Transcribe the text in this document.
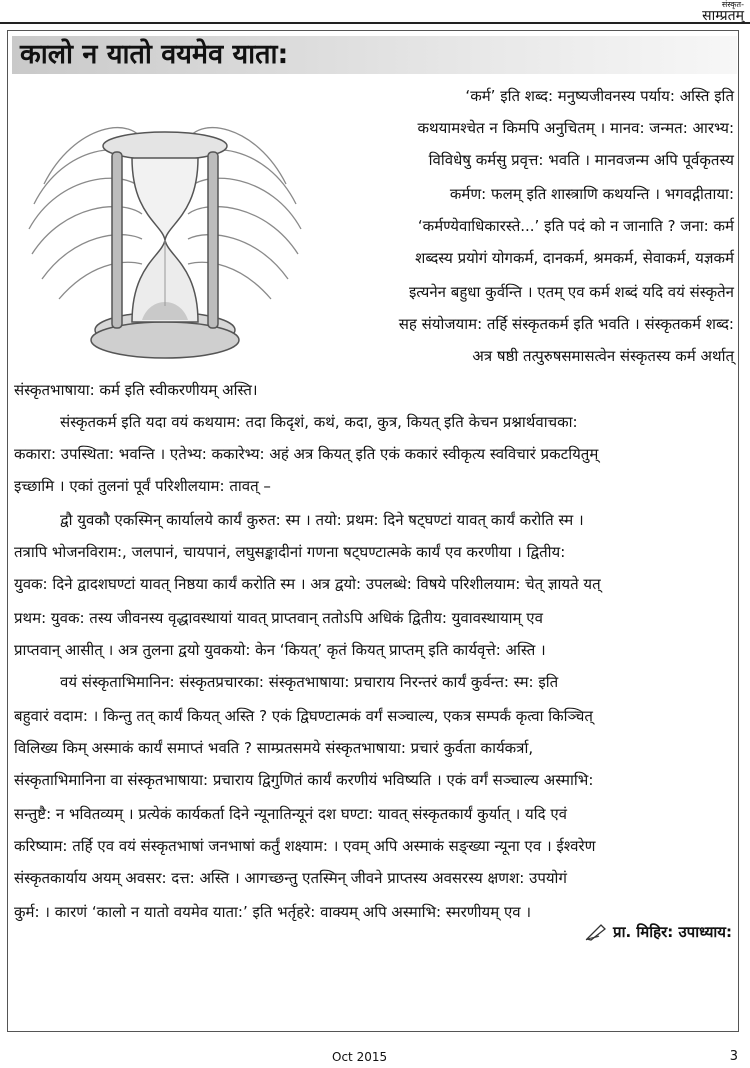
संस्कृत-
साम्प्रतम्
कालो न यातो वयमेव याता:
‘कर्म’ इति शब्द: मनुष्यजीवनस्य पर्याय: अस्ति इति
कथयामश्चेत न किमपि अनुचितम् । मानव: जन्मत: आरभ्य:
विविधेषु कर्मसु प्रवृत्त: भवति । मानवजन्म अपि पूर्वकृतस्य
कर्मण: फलम् इति शास्त्राणि कथयन्ति । भगवद्गीताया:
‘कर्मण्येवाधिकारस्ते...’ इति पदं को न जानाति ? जना: कर्म
शब्दस्य प्रयोगं योगकर्म, दानकर्म, श्रमकर्म, सेवाकर्म, यज्ञकर्म
इत्यनेन बहुधा कुर्वन्ति । एतम् एव कर्म शब्दं यदि वयं संस्कृतेन
सह संयोजयाम: तर्हि संस्कृतकर्म इति भवति । संस्कृतकर्म शब्द:
अत्र षष्ठी तत्पुरुषसमासत्वेन संस्कृतस्य कर्म अर्थात्
संस्कृतभाषाया: कर्म इति स्वीकरणीयम् अस्ति।
संस्कृतकर्म इति यदा वयं कथयाम: तदा किदृशं, कथं, कदा, कुत्र, कियत् इति केचन प्रश्नार्थवाचका:
ककारा: उपस्थिता: भवन्ति । एतेभ्य: ककारेभ्य: अहं अत्र कियत् इति एकं ककारं स्वीकृत्य स्वविचारं प्रकटयितुम्
इच्छामि । एकां तुलनां पूर्वं परिशीलयाम: तावत् –
द्वौ युवकौ एकस्मिन् कार्यालये कार्यं कुरुत: स्म । तयो: प्रथम: दिने षट्घण्टां यावत् कार्यं करोति स्म ।
तत्रापि भोजनविराम:, जलपानं, चायपानं, लघुसङ्कादीनां गणना षट्घण्टात्मके कार्यं एव करणीया । द्वितीय:
युवक: दिने द्वादशघण्टां यावत् निष्ठया कार्यं करोति स्म । अत्र द्वयो: उपलब्धे: विषये परिशीलयाम: चेत् ज्ञायते यत्
प्रथम: युवक: तस्य जीवनस्य वृद्धावस्थायां यावत् प्राप्तवान् ततोऽपि अधिकं द्वितीय: युवावस्थायाम् एव
प्राप्तवान् आसीत् । अत्र तुलना द्वयो युवकयो: केन ‘कियत्’ कृतं कियत् प्राप्तम् इति कार्यवृत्ते: अस्ति ।
वयं संस्कृताभिमानिन: संस्कृतप्रचारका: संस्कृतभाषाया: प्रचाराय निरन्तरं कार्यं कुर्वन्त: स्म: इति
बहुवारं वदाम: । किन्तु तत् कार्यं कियत् अस्ति ? एकं द्विघण्टात्मकं वर्गं सञ्चाल्य, एकत्र सम्पर्कं कृत्वा किञ्चित्
विलिख्य किम् अस्माकं कार्यं समाप्तं भवति ? साम्प्रतसमये संस्कृतभाषाया: प्रचारं कुर्वता कार्यकर्त्रा,
संस्कृताभिमानिना वा संस्कृतभाषाया: प्रचाराय द्विगुणितं कार्यं करणीयं भविष्यति । एकं वर्गं सञ्चाल्य अस्माभि:
सन्तुष्टै: न भवितव्यम् । प्रत्येकं कार्यकर्ता दिने न्यूनातिन्यूनं दश घण्टा: यावत् संस्कृतकार्यं कुर्यात् । यदि एवं
करिष्याम: तर्हि एव वयं संस्कृतभाषां जनभाषां कर्तुं शक्ष्याम: । एवम् अपि अस्माकं सङ्ख्या न्यूना एव । ईश्वरेण
संस्कृतकार्याय अयम् अवसर: दत्त: अस्ति । आगच्छन्तु एतस्मिन् जीवने प्राप्तस्य अवसरस्य क्षणश: उपयोगं
कुर्म: । कारणं ‘कालो न यातो वयमेव याता:’ इति भर्तृहरे: वाक्यम् अपि अस्माभि: स्मरणीयम् एव ।
प्रा. मिहिर: उपाध्याय:
Oct 2015	3
